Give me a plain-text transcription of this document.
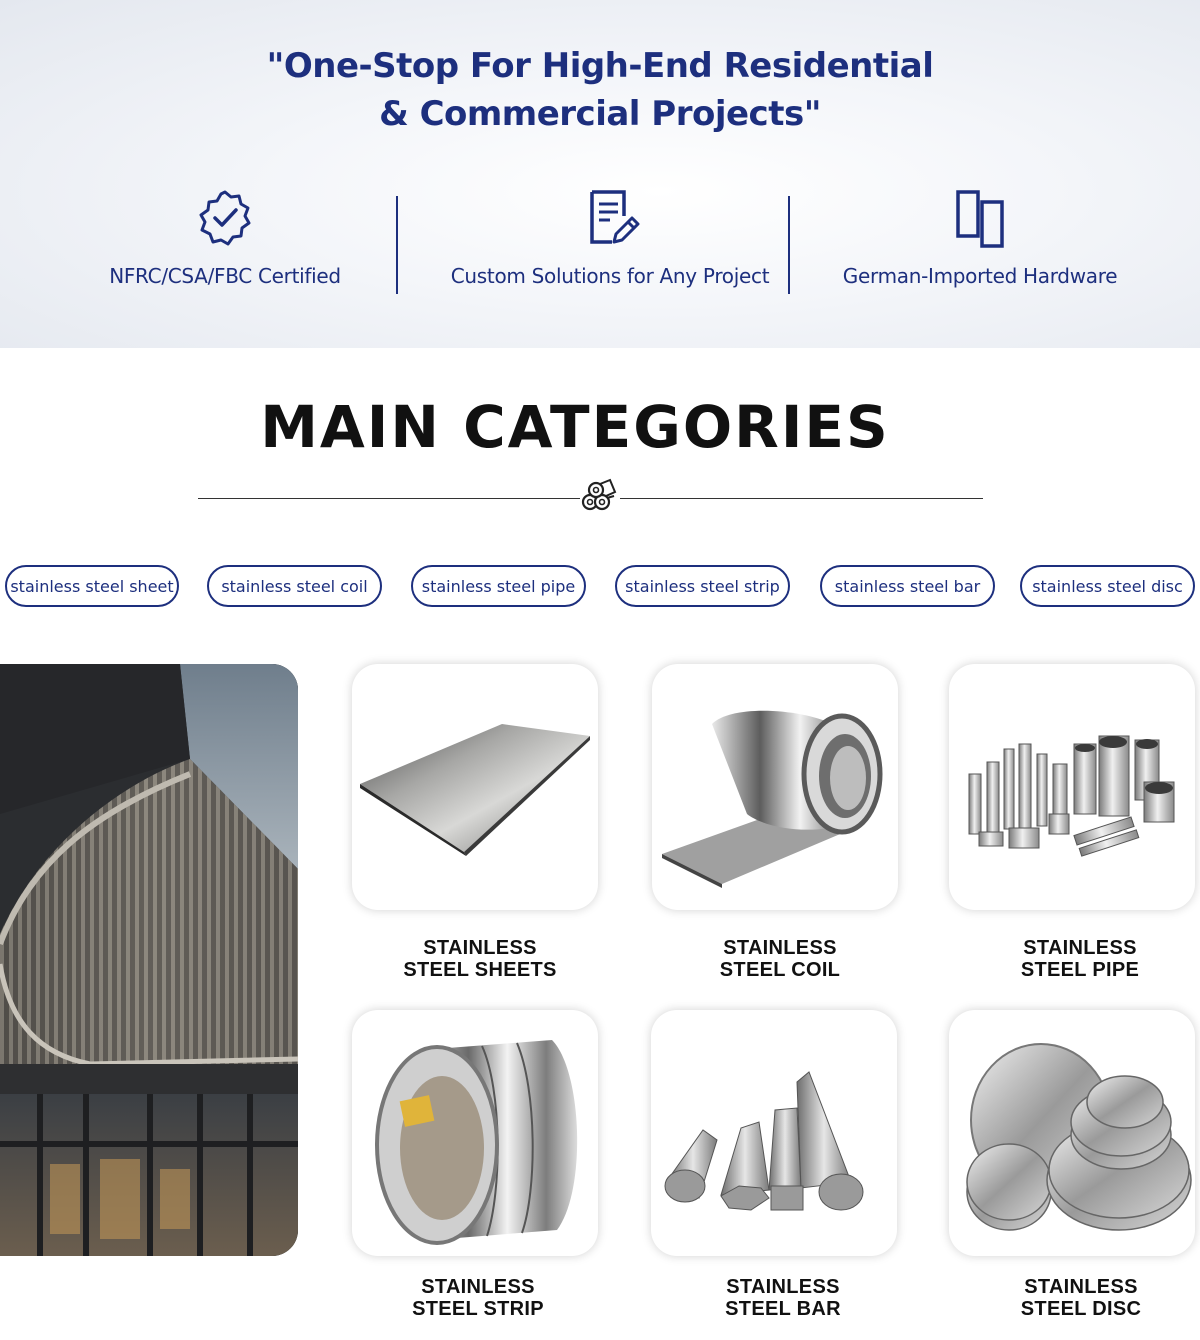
"One-Stop For High-End Residential
& Commercial Projects"
NFRC/CSA/FBC Certified	Custom Solutions for Any Project	German-Imported Hardware
MAIN CATEGORIES
stainless steel sheet	stainless steel coil	stainless steel pipe	stainless steel strip	stainless steel bar	stainless steel disc
STAINLESS
STEEL SHEETS
STAINLESS
STEEL COIL
STAINLESS
STEEL PIPE
STAINLESS
STEEL STRIP
STAINLESS
STEEL BAR
STAINLESS
STEEL DISC
